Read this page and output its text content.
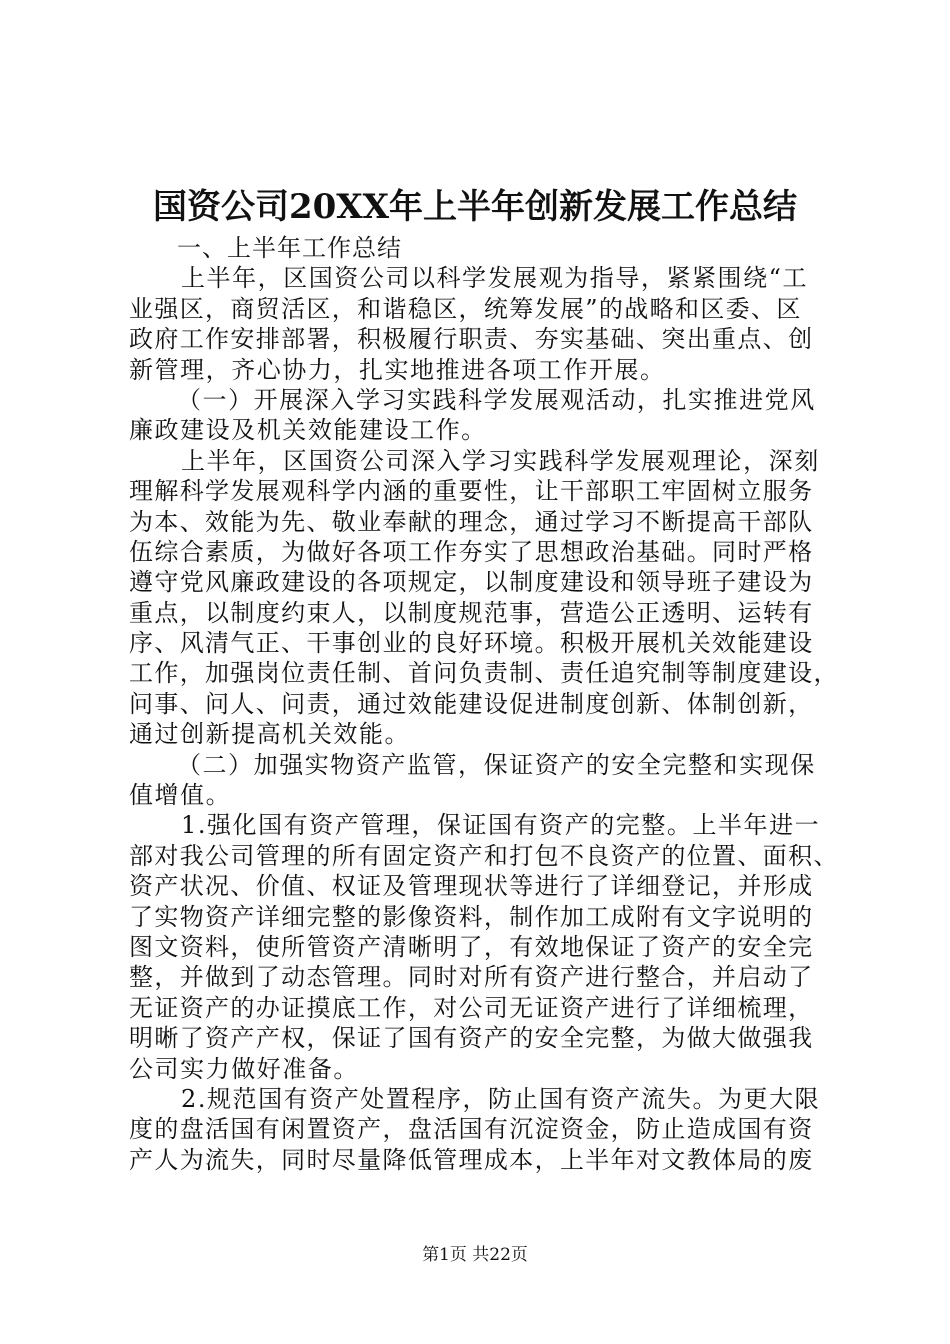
国资公司20XX年上半年创新发展工作总结
一、上半年工作总结
上半年，区国资公司以科学发展观为指导，紧紧围绕“工
业强区，商贸活区，和谐稳区，统筹发展”的战略和区委、区
政府工作安排部署，积极履行职责、夯实基础、突出重点、创
新管理，齐心协力，扎实地推进各项工作开展。
（一）开展深入学习实践科学发展观活动，扎实推进党风
廉政建设及机关效能建设工作。
上半年，区国资公司深入学习实践科学发展观理论，深刻
理解科学发展观科学内涵的重要性，让干部职工牢固树立服务
为本、效能为先、敬业奉献的理念，通过学习不断提高干部队
伍综合素质，为做好各项工作夯实了思想政治基础。同时严格
遵守党风廉政建设的各项规定，以制度建设和领导班子建设为
重点，以制度约束人，以制度规范事，营造公正透明、运转有
序、风清气正、干事创业的良好环境。积极开展机关效能建设
工作，加强岗位责任制、首问负责制、责任追究制等制度建设，
问事、问人、问责，通过效能建设促进制度创新、体制创新，
通过创新提高机关效能。
（二）加强实物资产监管，保证资产的安全完整和实现保
值增值。
1.强化国有资产管理，保证国有资产的完整。上半年进一
部对我公司管理的所有固定资产和打包不良资产的位置、面积、
资产状况、价值、权证及管理现状等进行了详细登记，并形成
了实物资产详细完整的影像资料，制作加工成附有文字说明的
图文资料，使所管资产清晰明了，有效地保证了资产的安全完
整，并做到了动态管理。同时对所有资产进行整合，并启动了
无证资产的办证摸底工作，对公司无证资产进行了详细梳理，
明晰了资产产权，保证了国有资产的安全完整，为做大做强我
公司实力做好准备。
2.规范国有资产处置程序，防止国有资产流失。为更大限
度的盘活国有闲置资产，盘活国有沉淀资金，防止造成国有资
产人为流失，同时尽量降低管理成本，上半年对文教体局的废
第1页 共22页
